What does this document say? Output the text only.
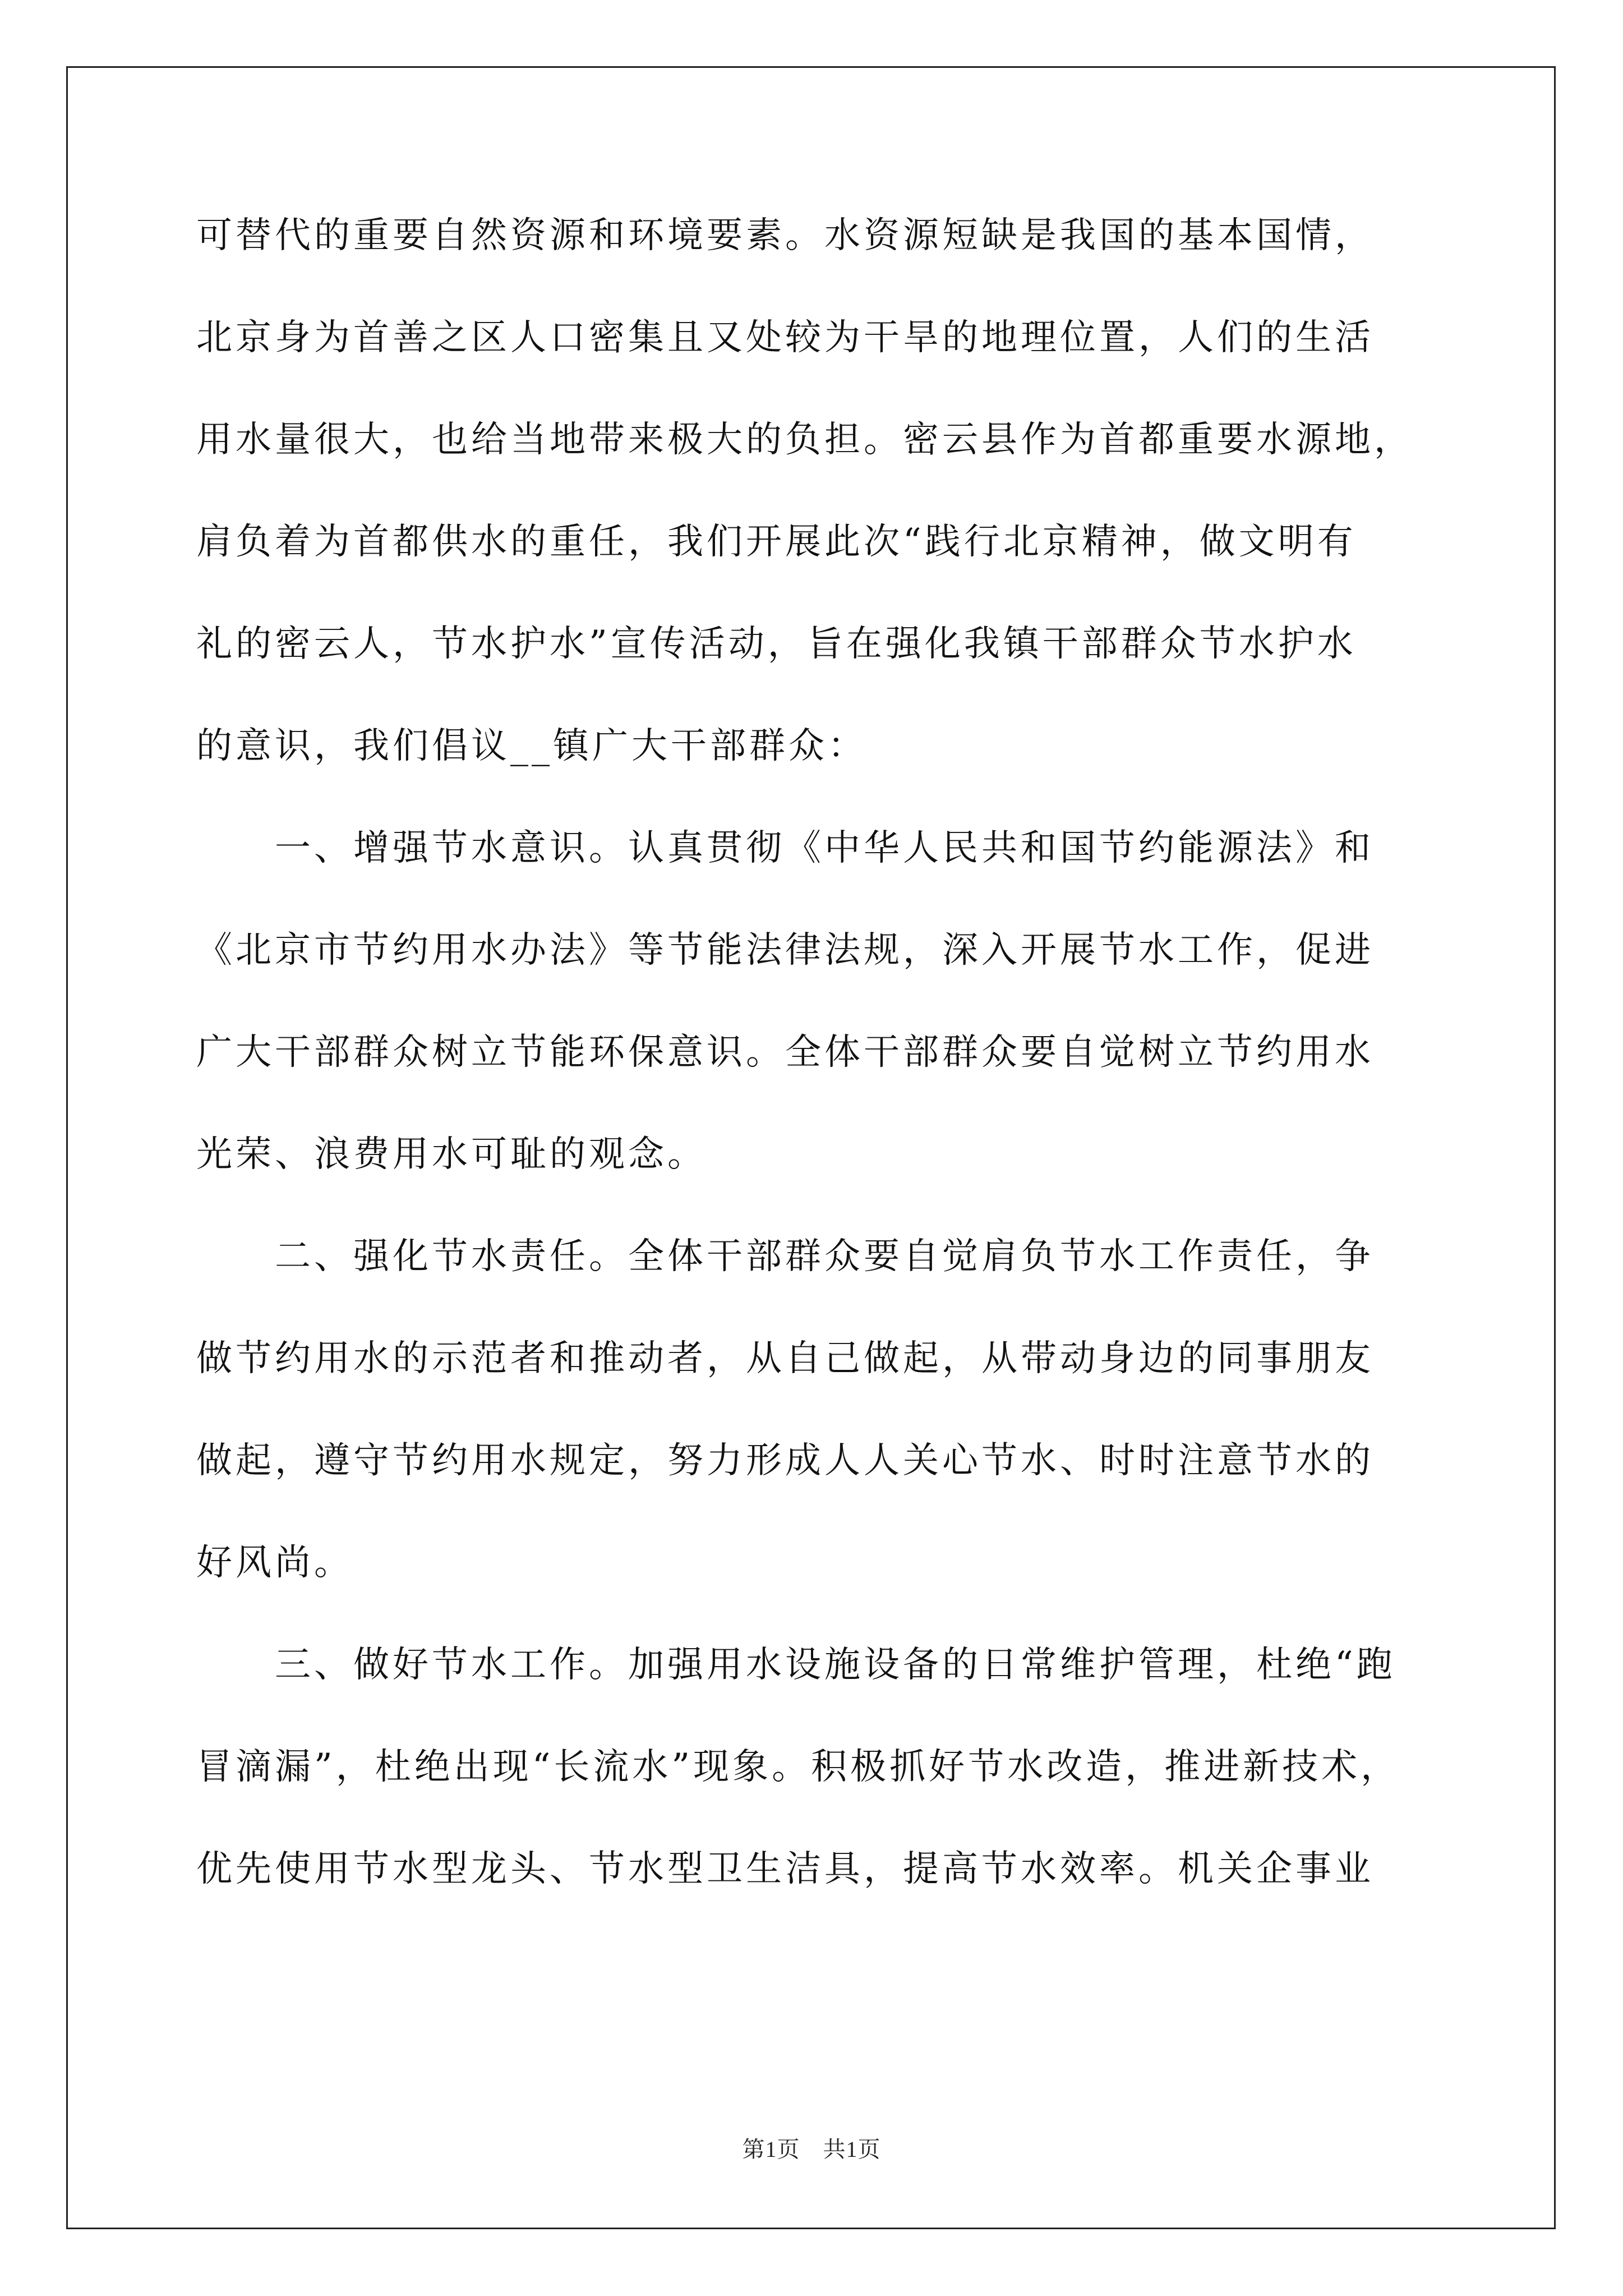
可替代的重要自然资源和环境要素。水资源短缺是我国的基本国情，
北京身为首善之区人口密集且又处较为干旱的地理位置，人们的生活
用水量很大，也给当地带来极大的负担。密云县作为首都重要水源地，
肩负着为首都供水的重任，我们开展此次“践行北京精神，做文明有
礼的密云人，节水护水”宣传活动，旨在强化我镇干部群众节水护水
的意识，我们倡议__镇广大干部群众：
　　一、增强节水意识。认真贯彻《中华人民共和国节约能源法》和
《北京市节约用水办法》等节能法律法规，深入开展节水工作，促进
广大干部群众树立节能环保意识。全体干部群众要自觉树立节约用水
光荣、浪费用水可耻的观念。
　　二、强化节水责任。全体干部群众要自觉肩负节水工作责任，争
做节约用水的示范者和推动者，从自己做起，从带动身边的同事朋友
做起，遵守节约用水规定，努力形成人人关心节水、时时注意节水的
好风尚。
　　三、做好节水工作。加强用水设施设备的日常维护管理，杜绝“跑
冒滴漏”，杜绝出现“长流水”现象。积极抓好节水改造，推进新技术，
优先使用节水型龙头、节水型卫生洁具，提高节水效率。机关企事业
第1页　共1页
